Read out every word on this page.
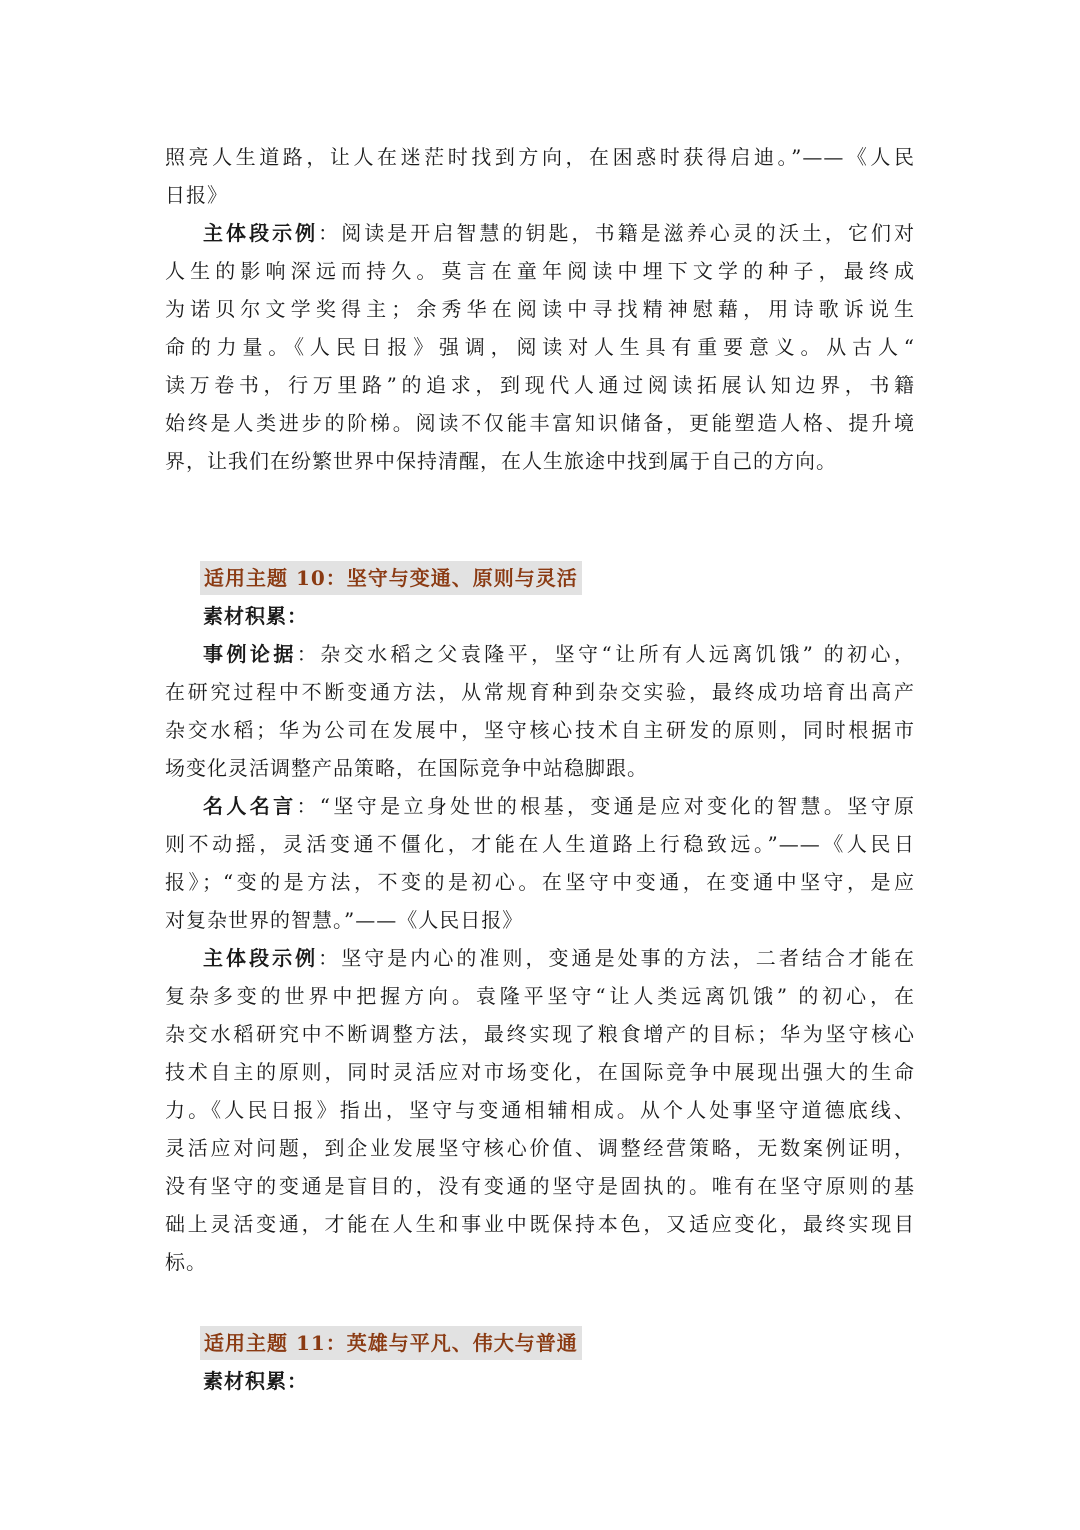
照亮人生道路，让人在迷茫时找到方向，在困惑时获得启迪。”——《人民
日报》
主体段示例：阅读是开启智慧的钥匙，书籍是滋养心灵的沃土，它们对
人生的影响深远而持久。莫言在童年阅读中埋下文学的种子，最终成
为诺贝尔文学奖得主；余秀华在阅读中寻找精神慰藉，用诗歌诉说生
命的力量。《人民日报》强调，阅读对人生具有重要意义。从古人“
读万卷书，行万里路”的追求，到现代人通过阅读拓展认知边界，书籍
始终是人类进步的阶梯。阅读不仅能丰富知识储备，更能塑造人格、提升境
界，让我们在纷繁世界中保持清醒，在人生旅途中找到属于自己的方向。
适用主题 10：坚守与变通、原则与灵活
素材积累：
事例论据：杂交水稻之父袁隆平，坚守“让所有人远离饥饿” 的初心，
在研究过程中不断变通方法，从常规育种到杂交实验，最终成功培育出高产
杂交水稻；华为公司在发展中，坚守核心技术自主研发的原则，同时根据市
场变化灵活调整产品策略，在国际竞争中站稳脚跟。
名人名言：“坚守是立身处世的根基，变通是应对变化的智慧。坚守原
则不动摇，灵活变通不僵化，才能在人生道路上行稳致远。”——《人民日
报》；“变的是方法，不变的是初心。在坚守中变通，在变通中坚守，是应
对复杂世界的智慧。”——《人民日报》
主体段示例：坚守是内心的准则，变通是处事的方法，二者结合才能在
复杂多变的世界中把握方向。袁隆平坚守“让人类远离饥饿” 的初心，在
杂交水稻研究中不断调整方法，最终实现了粮食增产的目标；华为坚守核心
技术自主的原则，同时灵活应对市场变化，在国际竞争中展现出强大的生命
力。《人民日报》指出，坚守与变通相辅相成。从个人处事坚守道德底线、
灵活应对问题，到企业发展坚守核心价值、调整经营策略，无数案例证明，
没有坚守的变通是盲目的，没有变通的坚守是固执的。唯有在坚守原则的基
础上灵活变通，才能在人生和事业中既保持本色，又适应变化，最终实现目
标。
适用主题 11：英雄与平凡、伟大与普通
素材积累：
